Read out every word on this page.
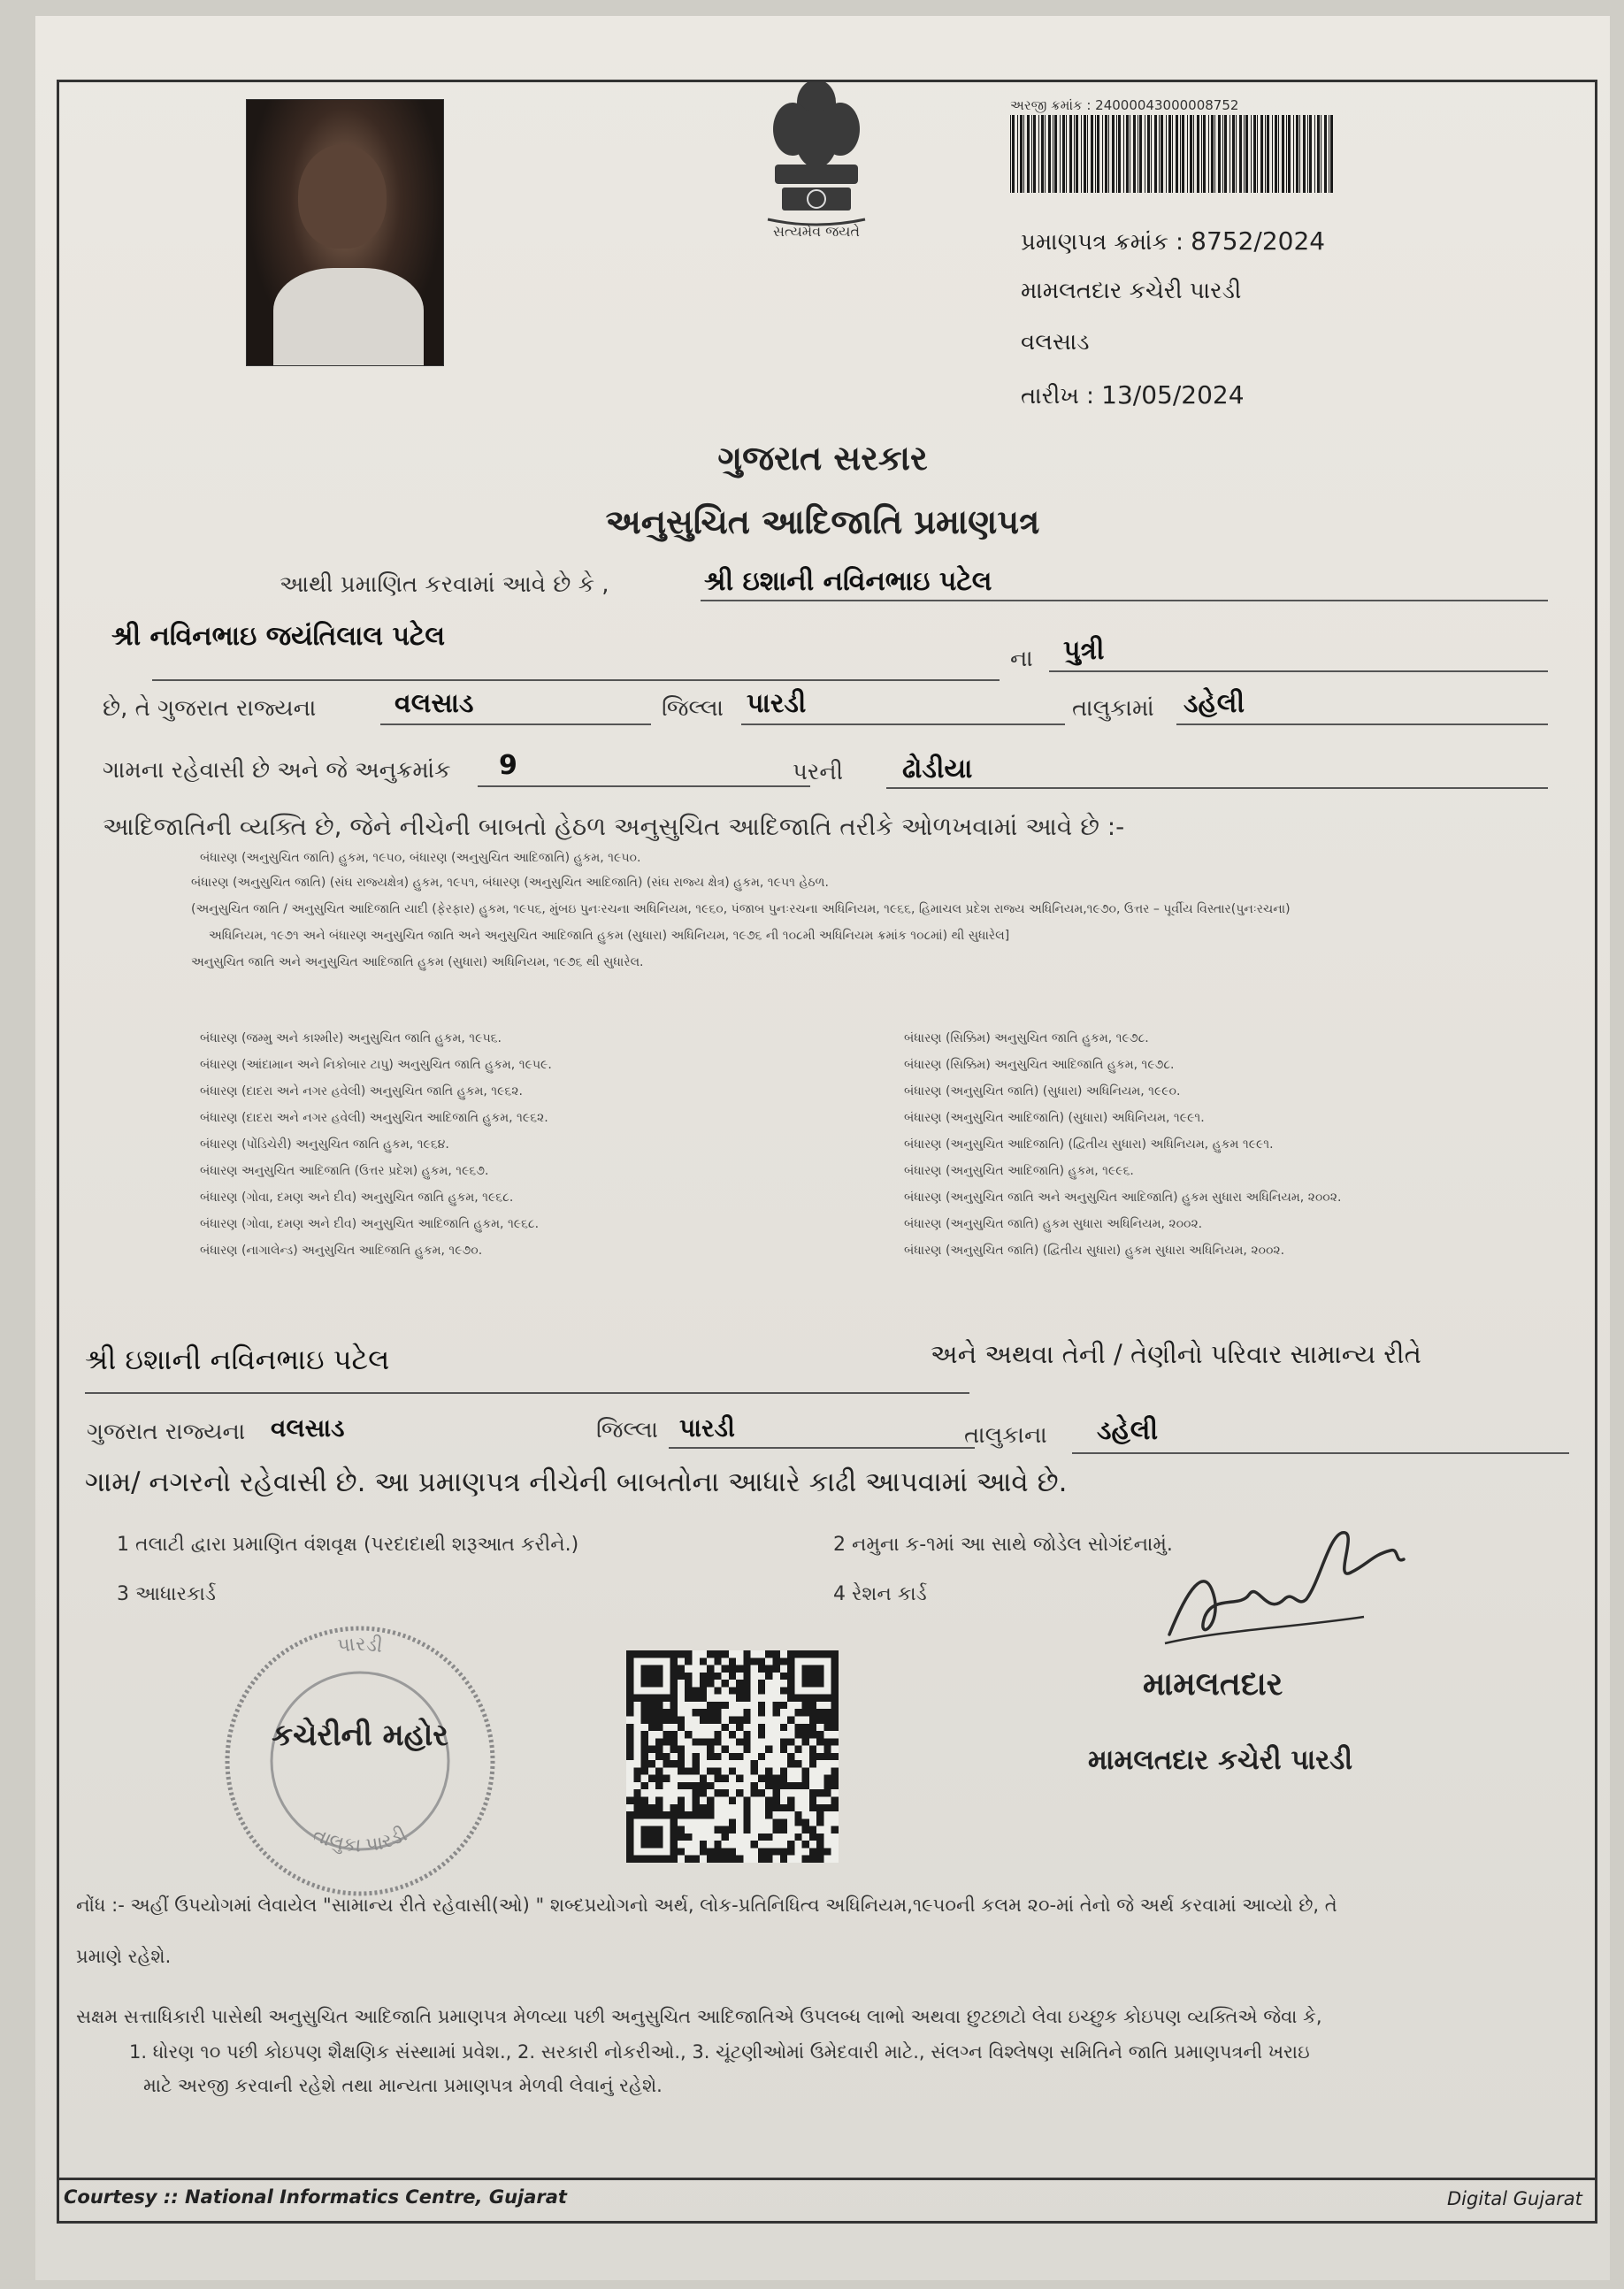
સત્યમેવ જયતે
અરજી ક્રમાંક : 24000043000008752
પ્રમાણપત્ર ક્રમાંક : 8752/2024
મામલતદાર કચેરી પારડી
વલસાડ
તારીખ : 13/05/2024
ગુજરાત સરકાર
અનુસુચિત આદિજાતિ પ્રમાણપત્ર
આથી પ્રમાણિત કરવામાં આવે છે કે ,	શ્રી ઇશાની નવિનભાઇ પટેલ
શ્રી નવિનભાઇ જયંતિલાલ પટેલ
ના પુત્રી
છે, તે ગુજરાત રાજ્યના	વલસાડ	જિલ્લા પારડી	તાલુકામાં ડહેલી
ગામના રહેવાસી છે અને જે અનુક્રમાંક 9	પરની ઢોડીયા
આદિજાતિની વ્યક્તિ છે, જેને નીચેની બાબતો હેઠળ અનુસુચિત આદિજાતિ તરીકે ઓળખવામાં આવે છે :-
બંધારણ (અનુસુચિત જાતિ) હુકમ, ૧૯૫૦, બંધારણ (અનુસુચિત આદિજાતિ) હુકમ, ૧૯૫૦.
બંધારણ (અનુસુચિત જાતિ) (સંઘ રાજ્યક્ષેત્ર) હુકમ, ૧૯૫૧, બંધારણ (અનુસુચિત આદિજાતિ) (સંઘ રાજ્ય ક્ષેત્ર) હુકમ, ૧૯૫૧ હેઠળ.
(અનુસુચિત જાતિ / અનુસુચિત આદિજાતિ યાદી (ફેરફાર) હુકમ, ૧૯૫૬, મુંબઇ પુનઃરચના અધિનિયમ, ૧૯૬૦, પંજાબ પુનઃરચના અધિનિયમ, ૧૯૬૬, હિમાચલ પ્રદેશ રાજ્ય અધિનિયમ,૧૯૭૦, ઉત્તર – પૂર્વીય વિસ્તાર(પુનઃરચના)
અધિનિયમ, ૧૯૭૧ અને બંધારણ અનુસુચિત જાતિ અને અનુસુચિત આદિજાતિ હુકમ (સુધારા) અધિનિયમ, ૧૯૭૬ ની ૧૦૮મી અધિનિયમ ક્રમાંક ૧૦૮માં) થી સુધારેલ]
અનુસુચિત જાતિ અને અનુસુચિત આદિજાતિ હુકમ (સુધારા) અધિનિયમ, ૧૯૭૬ થી સુધારેલ.
બંધારણ (જમ્મુ અને કાશ્મીર) અનુસુચિત જાતિ હુકમ, ૧૯૫૬.
બંધારણ (આંદામાન અને નિકોબાર ટાપુ) અનુસુચિત જાતિ હુકમ, ૧૯૫૯.
બંધારણ (દાદરા અને નગર હવેલી) અનુસુચિત જાતિ હુકમ, ૧૯૬૨.
બંધારણ (દાદરા અને નગર હવેલી) અનુસુચિત આદિજાતિ હુકમ, ૧૯૬૨.
બંધારણ (પોંડિચેરી) અનુસુચિત જાતિ હુકમ, ૧૯૬૪.
બંધારણ અનુસુચિત આદિજાતિ (ઉત્તર પ્રદેશ) હુકમ, ૧૯૬૭.
બંધારણ (ગોવા, દમણ અને દીવ) અનુસુચિત જાતિ હુકમ, ૧૯૬૮.
બંધારણ (ગોવા, દમણ અને દીવ) અનુસુચિત આદિજાતિ હુકમ, ૧૯૬૮.
બંધારણ (નાગાલેન્ડ) અનુસુચિત આદિજાતિ હુકમ, ૧૯૭૦.
બંધારણ (સિક્કિમ) અનુસુચિત જાતિ હુકમ, ૧૯૭૮.
બંધારણ (સિક્કિમ) અનુસુચિત આદિજાતિ હુકમ, ૧૯૭૮.
બંધારણ (અનુસુચિત જાતિ) (સુધારા) અધિનિયમ, ૧૯૯૦.
બંધારણ (અનુસુચિત આદિજાતિ) (સુધારા) અધિનિયમ, ૧૯૯૧.
બંધારણ (અનુસુચિત આદિજાતિ) (દ્વિતીય સુધારા) અધિનિયમ, હુકમ ૧૯૯૧.
બંધારણ (અનુસુચિત આદિજાતિ) હુકમ, ૧૯૯૬.
બંધારણ (અનુસુચિત જાતિ અને અનુસુચિત આદિજાતિ) હુકમ સુધારા અધિનિયમ, ૨૦૦૨.
બંધારણ (અનુસુચિત જાતિ) હુકમ સુધારા અધિનિયમ, ૨૦૦૨.
બંધારણ (અનુસુચિત જાતિ) (દ્વિતીય સુધારા) હુકમ સુધારા અધિનિયમ, ૨૦૦૨.
શ્રી ઇશાની નવિનભાઇ પટેલ	અને અથવા તેની / તેણીનો પરિવાર સામાન્ય રીતે
ગુજરાત રાજ્યના વલસાડ	જિલ્લા પારડી	તાલુકાના ડહેલી
ગામ/ નગરનો રહેવાસી છે. આ પ્રમાણપત્ર નીચેની બાબતોના આધારે કાઢી આપવામાં આવે છે.
1 તલાટી દ્વારા પ્રમાણિત વંશવૃક્ષ (પરદાદાથી શરૂઆત કરીને.)	2 નમુના ક-૧માં આ સાથે જોડેલ સોગંદનામું.
3 આધારકાર્ડ	4 રેશન કાર્ડ
પારડી
તાલુકા પારડી
કચેરીની મહોર
મામલતદાર
મામલતદાર કચેરી પારડી
નોંધ :- અહીં ઉપયોગમાં લેવાયેલ "સામાન્ય રીતે રહેવાસી(ઓ) " શબ્દપ્રયોગનો અર્થ, લોક-પ્રતિનિધિત્વ અધિનિયમ,૧૯૫૦ની કલમ ૨૦-માં તેનો જે અર્થ કરવામાં આવ્યો છે, તે
પ્રમાણે રહેશે.
સક્ષમ સત્તાધિકારી પાસેથી અનુસુચિત આદિજાતિ પ્રમાણપત્ર મેળવ્યા પછી અનુસુચિત આદિજાતિએ ઉપલબ્ધ લાભો અથવા છુટછાટો લેવા ઇચ્છુક કોઇપણ વ્યક્તિએ જેવા કે,
1. ધોરણ ૧૦ પછી કોઇપણ શૈક્ષણિક સંસ્થામાં પ્રવેશ., 2. સરકારી નોકરીઓ., 3. ચૂંટણીઓમાં ઉમેદવારી માટે., સંલગ્ન વિશ્લેષણ સમિતિને જાતિ પ્રમાણપત્રની ખરાઇ
માટે અરજી કરવાની રહેશે તથા માન્યતા પ્રમાણપત્ર મેળવી લેવાનું રહેશે.
Courtesy :: National Informatics Centre, Gujarat	Digital Gujarat
